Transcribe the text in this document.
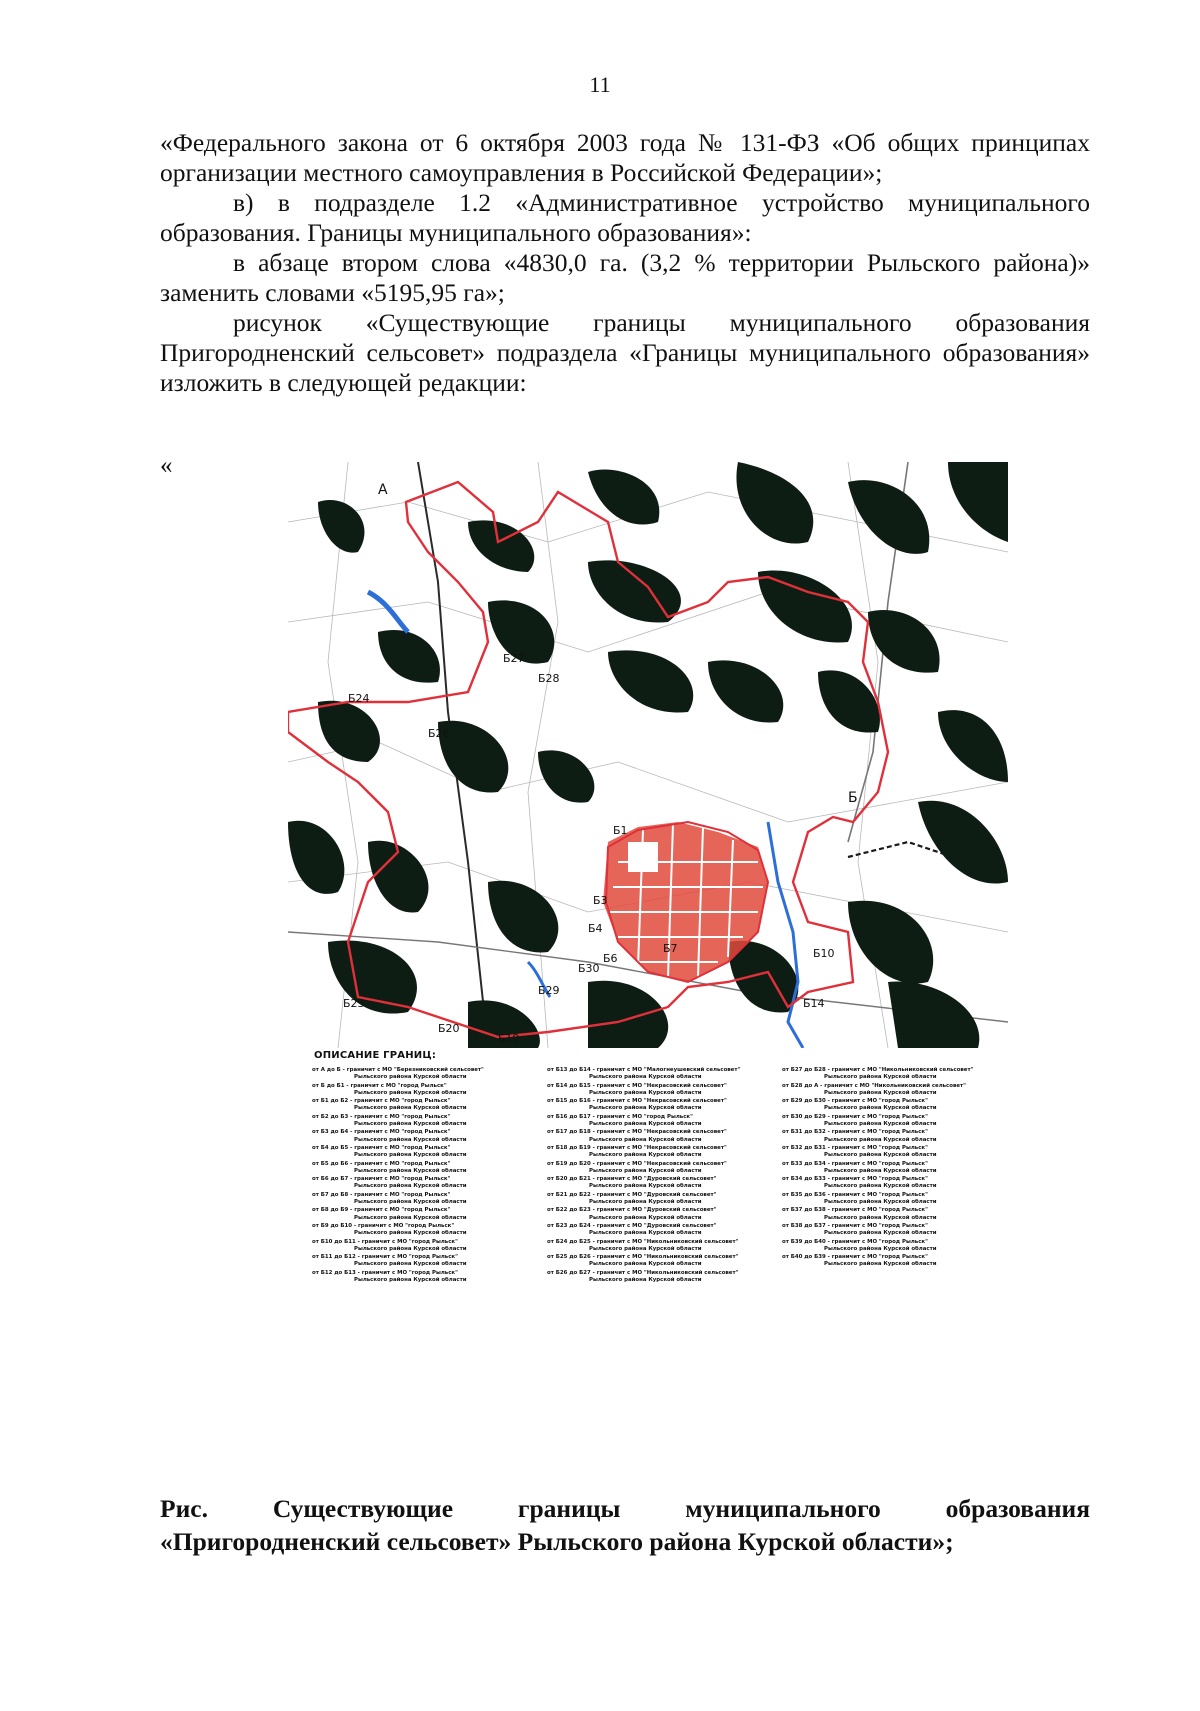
11

«Федерального закона от 6 октября 2003 года № 131-ФЗ «Об общих принципах организации местного самоуправления в Российской Федерации»;

в) в подразделе 1.2 «Административное устройство муниципального образования. Границы муниципального образования»:

в абзаце втором слова «4830,0 га. (3,2 % территории Рыльского района)» заменить словами «5195,95 га»;

рисунок «Существующие границы муниципального образования Пригородненский сельсовет» подраздела «Границы муниципального образования» изложить в следующей редакции:

«
А
Б
Б1
Б3
Б4
Б6
Б7	Б10
Б14
Б19
Б20
Б23
Б24
Б26
Б27
Б28
Б29
Б30
ОПИСАНИЕ ГРАНИЦ:
от А до Б - граничит с МО "Березниковский сельсовет"
Рыльского района Курской области
от Б до Б1 - граничит с МО "город Рыльск"
Рыльского района Курской области
от Б1 до Б2 - граничит с МО "город Рыльск"
Рыльского района Курской области
от Б2 до Б3 - граничит с МО "город Рыльск"
Рыльского района Курской области
от Б3 до Б4 - граничит с МО "город Рыльск"
Рыльского района Курской области
от Б4 до Б5 - граничит с МО "город Рыльск"
Рыльского района Курской области
от Б5 до Б6 - граничит с МО "город Рыльск"
Рыльского района Курской области
от Б6 до Б7 - граничит с МО "город Рыльск"
Рыльского района Курской области
от Б7 до Б8 - граничит с МО "город Рыльск"
Рыльского района Курской области
от Б8 до Б9 - граничит с МО "город Рыльск"
Рыльского района Курской области
от Б9 до Б10 - граничит с МО "город Рыльск"
Рыльского района Курской области
от Б10 до Б11 - граничит с МО "город Рыльск"
Рыльского района Курской области
от Б11 до Б12 - граничит с МО "город Рыльск"
Рыльского района Курской области
от Б12 до Б13 - граничит с МО "город Рыльск"
Рыльского района Курской области
от Б13 до Б14 - граничит с МО "Малогнеушевский сельсовет"
Рыльского района Курской области
от Б14 до Б15 - граничит с МО "Некрасовский сельсовет"
Рыльского района Курской области
от Б15 до Б16 - граничит с МО "Некрасовский сельсовет"
Рыльского района Курской области
от Б16 до Б17 - граничит с МО "город Рыльск"
Рыльского района Курской области
от Б17 до Б18 - граничит с МО "Некрасовский сельсовет"
Рыльского района Курской области
от Б18 до Б19 - граничит с МО "Некрасовский сельсовет"
Рыльского района Курской области
от Б19 до Б20 - граничит с МО "Некрасовский сельсовет"
Рыльского района Курской области
от Б20 до Б21 - граничит с МО "Дуровский сельсовет"
Рыльского района Курской области
от Б21 до Б22 - граничит с МО "Дуровский сельсовет"
Рыльского района Курской области
от Б22 до Б23 - граничит с МО "Дуровский сельсовет"
Рыльского района Курской области
от Б23 до Б24 - граничит с МО "Дуровский сельсовет"
Рыльского района Курской области
от Б24 до Б25 - граничит с МО "Никольниковский сельсовет"
Рыльского района Курской области
от Б25 до Б26 - граничит с МО "Никольниковский сельсовет"
Рыльского района Курской области
от Б26 до Б27 - граничит с МО "Никольниковский сельсовет"
Рыльского района Курской области
от Б27 до Б28 - граничит с МО "Никольниковский сельсовет"
Рыльского района Курской области
от Б28 до А - граничит с МО "Никольниковский сельсовет"
Рыльского района Курской области
от Б29 до Б30 - граничит с МО "город Рыльск"
Рыльского района Курской области
от Б30 до Б29 - граничит с МО "город Рыльск"
Рыльского района Курской области
от Б31 до Б32 - граничит с МО "город Рыльск"
Рыльского района Курской области
от Б32 до Б31 - граничит с МО "город Рыльск"
Рыльского района Курской области
от Б33 до Б34 - граничит с МО "город Рыльск"
Рыльского района Курской области
от Б34 до Б33 - граничит с МО "город Рыльск"
Рыльского района Курской области
от Б35 до Б36 - граничит с МО "город Рыльск"
Рыльского района Курской области
от Б37 до Б38 - граничит с МО "город Рыльск"
Рыльского района Курской области
от Б38 до Б37 - граничит с МО "город Рыльск"
Рыльского района Курской области
от Б39 до Б40 - граничит с МО "город Рыльск"
Рыльского района Курской области
от Б40 до Б39 - граничит с МО "город Рыльск"
Рыльского района Курской области
Рис. Существующие границы муниципального образования
«Пригородненский сельсовет» Рыльского района Курской области»;
